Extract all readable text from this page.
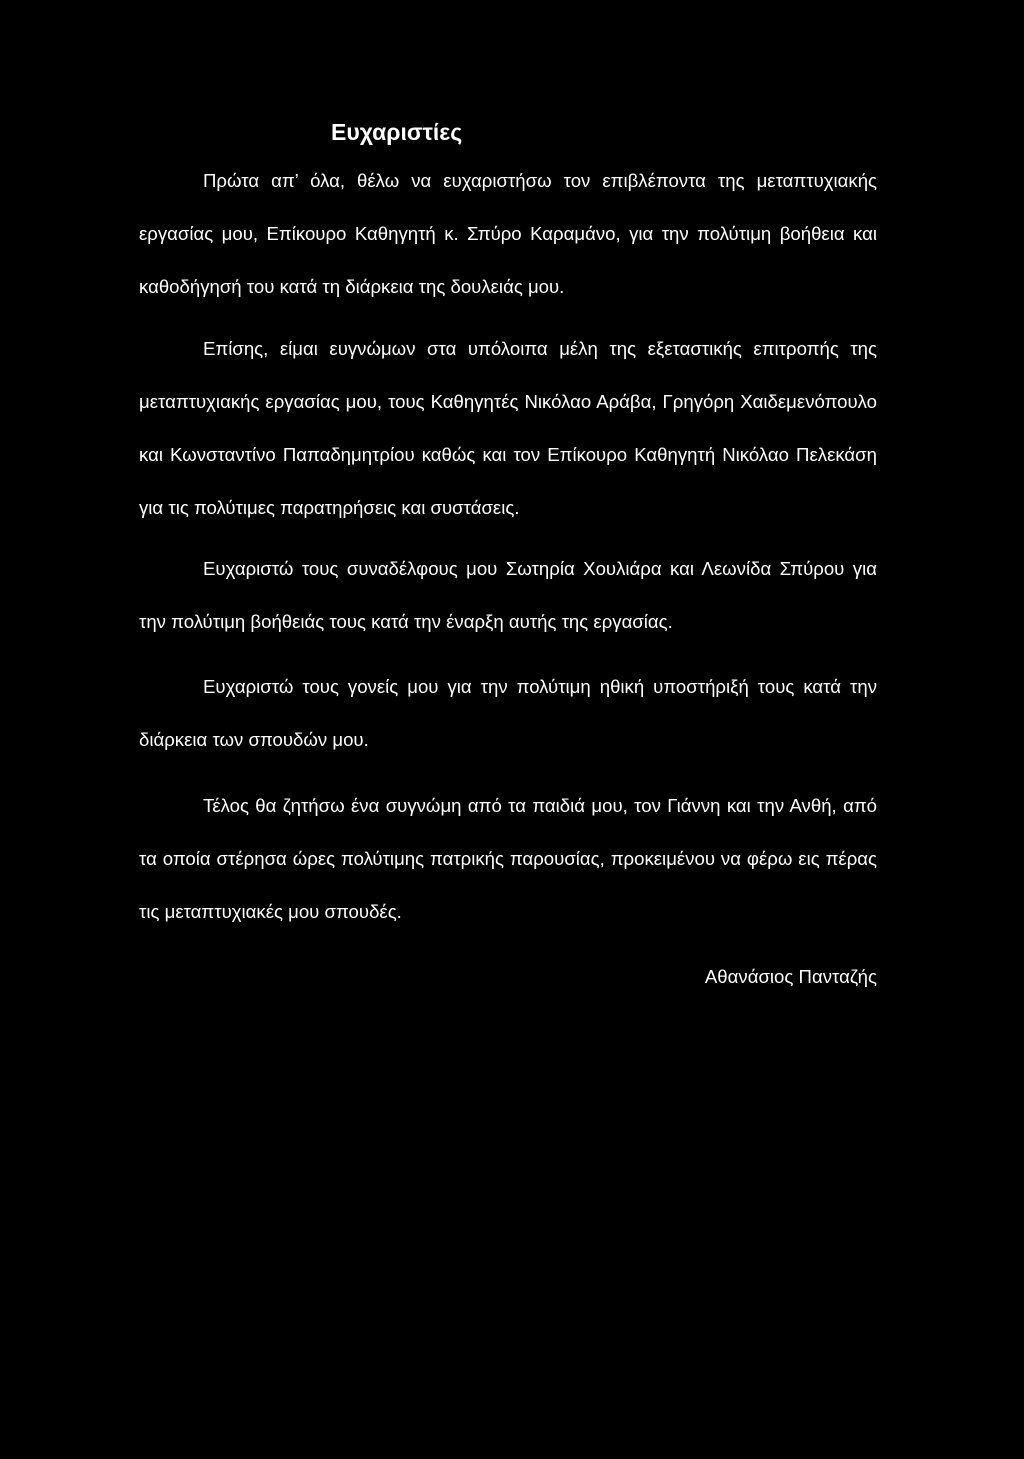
Ευχαριστίες

Πρώτα απ’ όλα, θέλω να ευχαριστήσω τον επιβλέποντα της μεταπτυχιακής εργασίας μου, Επίκουρο Καθηγητή κ. Σπύρο Καραμάνο, για την πολύτιμη βοήθεια και καθοδήγησή του κατά τη διάρκεια της δουλειάς μου.

Επίσης, είμαι ευγνώμων στα υπόλοιπα μέλη της εξεταστικής επιτροπής της μεταπτυχιακής εργασίας μου, τους Καθηγητές Νικόλαο Αράβα, Γρηγόρη Χαιδεμενόπουλο και Κωνσταντίνο Παπαδημητρίου καθώς και τον Επίκουρο Καθηγητή Νικόλαο Πελεκάση για τις πολύτιμες παρατηρήσεις και συστάσεις.

Ευχαριστώ τους συναδέλφους μου Σωτηρία Χουλιάρα και Λεωνίδα Σπύρου για την πολύτιμη βοήθειάς τους κατά την έναρξη αυτής της εργασίας.

Ευχαριστώ τους γονείς μου για την πολύτιμη ηθική υποστήριξή τους κατά την διάρκεια των σπουδών μου.

Τέλος θα ζητήσω ένα συγνώμη από τα παιδιά μου, τον Γιάννη και την Ανθή, από τα οποία στέρησα ώρες πολύτιμης πατρικής παρουσίας, προκειμένου να φέρω εις πέρας τις μεταπτυχιακές μου σπουδές.

Αθανάσιος Πανταζής
